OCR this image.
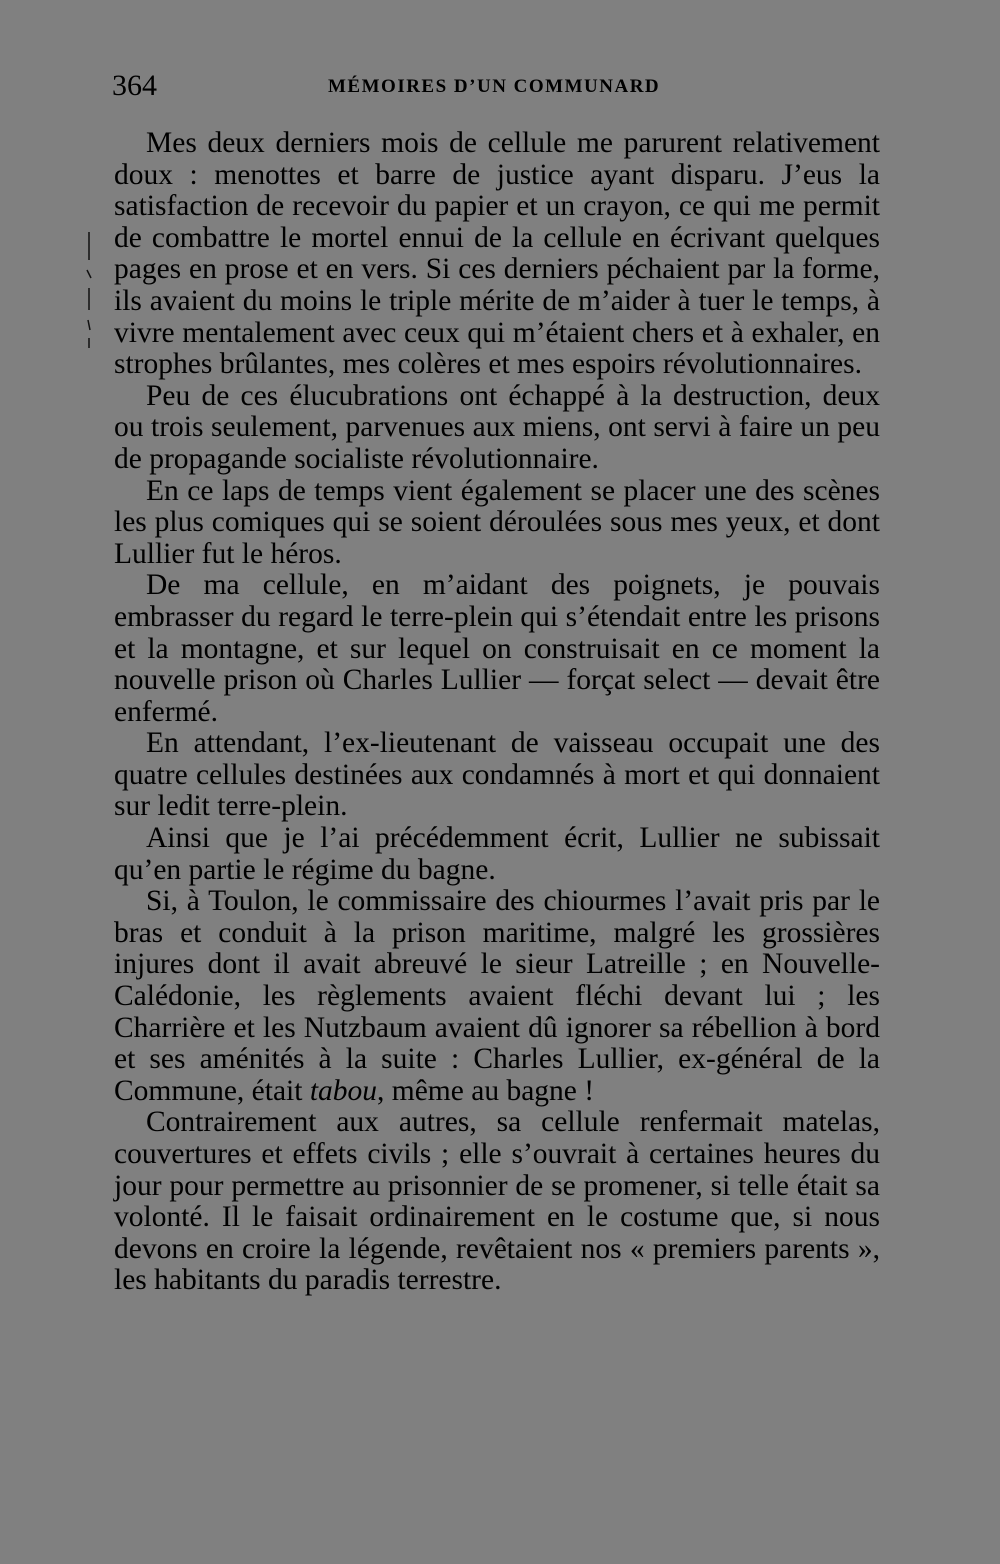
364	MÉMOIRES D’UN COMMUNARD

Mes deux derniers mois de cellule me parurent relativement doux : menottes et barre de justice ayant disparu. J’eus la satisfaction de recevoir du papier et un crayon, ce qui me permit de combattre le mortel ennui de la cellule en écrivant quelques pages en prose et en vers. Si ces derniers péchaient par la forme, ils avaient du moins le triple mérite de m’aider à tuer le temps, à vivre mentalement avec ceux qui m’étaient chers et à exhaler, en strophes brûlantes, mes colères et mes espoirs révolutionnaires.

Peu de ces élucubrations ont échappé à la destruction, deux ou trois seulement, parvenues aux miens, ont servi à faire un peu de propagande socialiste révolutionnaire.

En ce laps de temps vient également se placer une des scènes les plus comiques qui se soient déroulées sous mes yeux, et dont Lullier fut le héros.

De ma cellule, en m’aidant des poignets, je pouvais embrasser du regard le terre-plein qui s’étendait entre les prisons et la montagne, et sur lequel on construisait en ce moment la nouvelle prison où Charles Lullier — forçat select — devait être enfermé.

En attendant, l’ex-lieutenant de vaisseau occupait une des quatre cellules destinées aux condamnés à mort et qui donnaient sur ledit terre-plein.

Ainsi que je l’ai précédemment écrit, Lullier ne subissait qu’en partie le régime du bagne.

Si, à Toulon, le commissaire des chiourmes l’avait pris par le bras et conduit à la prison maritime, malgré les grossières injures dont il avait abreuvé le sieur Latreille ; en Nouvelle-Calédonie, les règlements avaient fléchi devant lui ; les Charrière et les Nutzbaum avaient dû ignorer sa rébellion à bord et ses aménités à la suite : Charles Lullier, ex-général de la Commune, était tabou, même au bagne !

Contrairement aux autres, sa cellule renfermait matelas, couvertures et effets civils ; elle s’ouvrait à certaines heures du jour pour permettre au prisonnier de se promener, si telle était sa volonté. Il le faisait ordinairement en le costume que, si nous devons en croire la légende, revêtaient nos « premiers parents », les habitants du paradis terrestre.
